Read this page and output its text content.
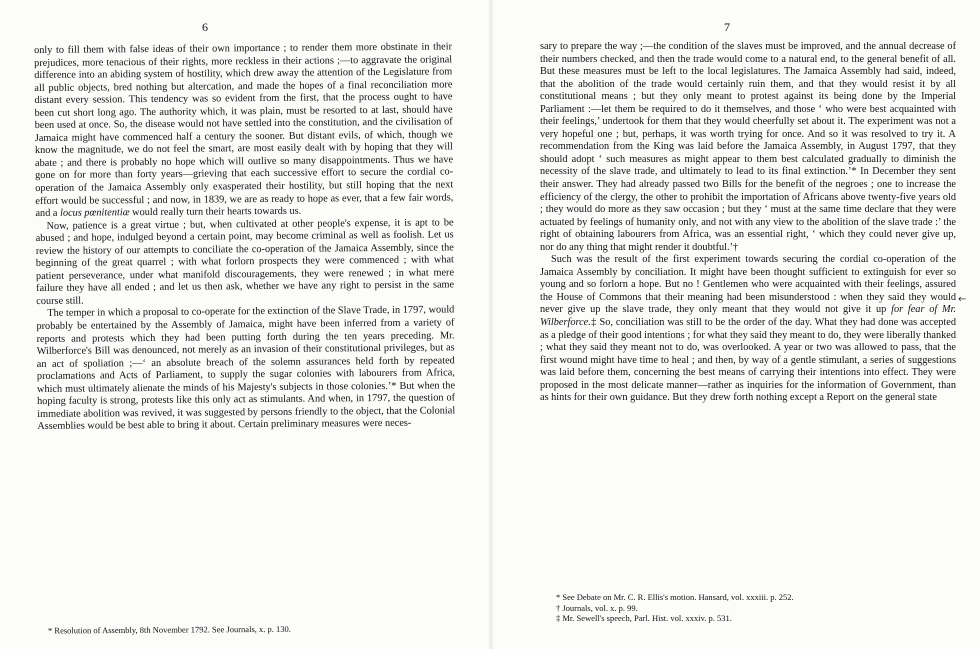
6

only to fill them with false ideas of their own importance ; to render them more obstinate in their prejudices, more tenacious of their rights, more reckless in their actions ;—to aggravate the original difference into an abiding system of hostility, which drew away the attention of the Legislature from all public objects, bred nothing but altercation, and made the hopes of a final reconciliation more distant every session. This tendency was so evident from the first, that the process ought to have been cut short long ago. The authority which, it was plain, must be resorted to at last, should have been used at once. So, the disease would not have settled into the constitution, and the civilisation of Jamaica might have commenced half a century the sooner. But distant evils, of which, though we know the magnitude, we do not feel the smart, are most easily dealt with by hoping that they will abate ; and there is probably no hope which will outlive so many disappointments. Thus we have gone on for more than forty years—grieving that each successive effort to secure the cordial co-operation of the Jamaica Assembly only exasperated their hostility, but still hoping that the next effort would be successful ; and now, in 1839, we are as ready to hope as ever, that a few fair words, and a locus pœnitentiæ would really turn their hearts towards us.

Now, patience is a great virtue ; but, when cultivated at other people's expense, it is apt to be abused ; and hope, indulged beyond a certain point, may become criminal as well as foolish. Let us review the history of our attempts to conciliate the co-operation of the Jamaica Assembly, since the beginning of the great quarrel ; with what forlorn prospects they were commenced ; with what patient perseverance, under what manifold discouragements, they were renewed ; in what mere failure they have all ended ; and let us then ask, whether we have any right to persist in the same course still.

The temper in which a proposal to co-operate for the extinction of the Slave Trade, in 1797, would probably be entertained by the Assembly of Jamaica, might have been inferred from a variety of reports and protests which they had been putting forth during the ten years preceding. Mr. Wilberforce's Bill was denounced, not merely as an invasion of their constitutional privileges, but as an act of spoliation ;—‘ an absolute breach of the solemn assurances held forth by repeated proclamations and Acts of Parliament, to supply the sugar colonies with labourers from Africa, which must ultimately alienate the minds of his Majesty's subjects in those colonies.’* But when the hoping faculty is strong, protests like this only act as stimulants. And when, in 1797, the question of immediate abolition was revived, it was suggested by persons friendly to the object, that the Colonial Assemblies would be best able to bring it about. Certain preliminary measures were neces-

* Resolution of Assembly, 8th November 1792. See Journals, x. p. 130.
7

sary to prepare the way ;—the condition of the slaves must be improved, and the annual decrease of their numbers checked, and then the trade would come to a natural end, to the general benefit of all. But these measures must be left to the local legislatures. The Jamaica Assembly had said, indeed, that the abolition of the trade would certainly ruin them, and that they would resist it by all constitutional means ; but they only meant to protest against its being done by the Imperial Parliament :—let them be required to do it themselves, and those ‘ who were best acquainted with their feelings,’ undertook for them that they would cheerfully set about it. The experiment was not a very hopeful one ; but, perhaps, it was worth trying for once. And so it was resolved to try it. A recommendation from the King was laid before the Jamaica Assembly, in August 1797, that they should adopt ‘ such measures as might appear to them best calculated gradually to diminish the necessity of the slave trade, and ultimately to lead to its final extinction.’* In December they sent their answer. They had already passed two Bills for the benefit of the negroes ; one to increase the efficiency of the clergy, the other to prohibit the importation of Africans above twenty-five years old ; they would do more as they saw occasion ; but they ‘ must at the same time declare that they were actuated by feelings of humanity only, and not with any view to the abolition of the slave trade :’ the right of obtaining labourers from Africa, was an essential right, ‘ which they could never give up, nor do any thing that might render it doubtful.’†

Such was the result of the first experiment towards securing the cordial co-operation of the Jamaica Assembly by conciliation. It might have been thought sufficient to extinguish for ever so young and so forlorn a hope. But no ! Gentlemen who were acquainted with their feelings, assured the House of Commons that their meaning had been misunderstood : when they said they would never give up the slave trade, they only meant that they would not give it up for fear of Mr. Wilberforce.‡ So, conciliation was still to be the order of the day. What they had done was accepted as a pledge of their good intentions ; for what they said they meant to do, they were liberally thanked ; what they said they meant not to do, was overlooked. A year or two was allowed to pass, that the first wound might have time to heal ; and then, by way of a gentle stimulant, a series of suggestions was laid before them, concerning the best means of carrying their intentions into effect. They were proposed in the most delicate manner—rather as inquiries for the information of Government, than as hints for their own guidance. But they drew forth nothing except a Report on the general state

* See Debate on Mr. C. R. Ellis's motion. Hansard, vol. xxxiii. p. 252.
† Journals, vol. x. p. 99.
‡ Mr. Sewell's speech, Parl. Hist. vol. xxxiv. p. 531.
←
